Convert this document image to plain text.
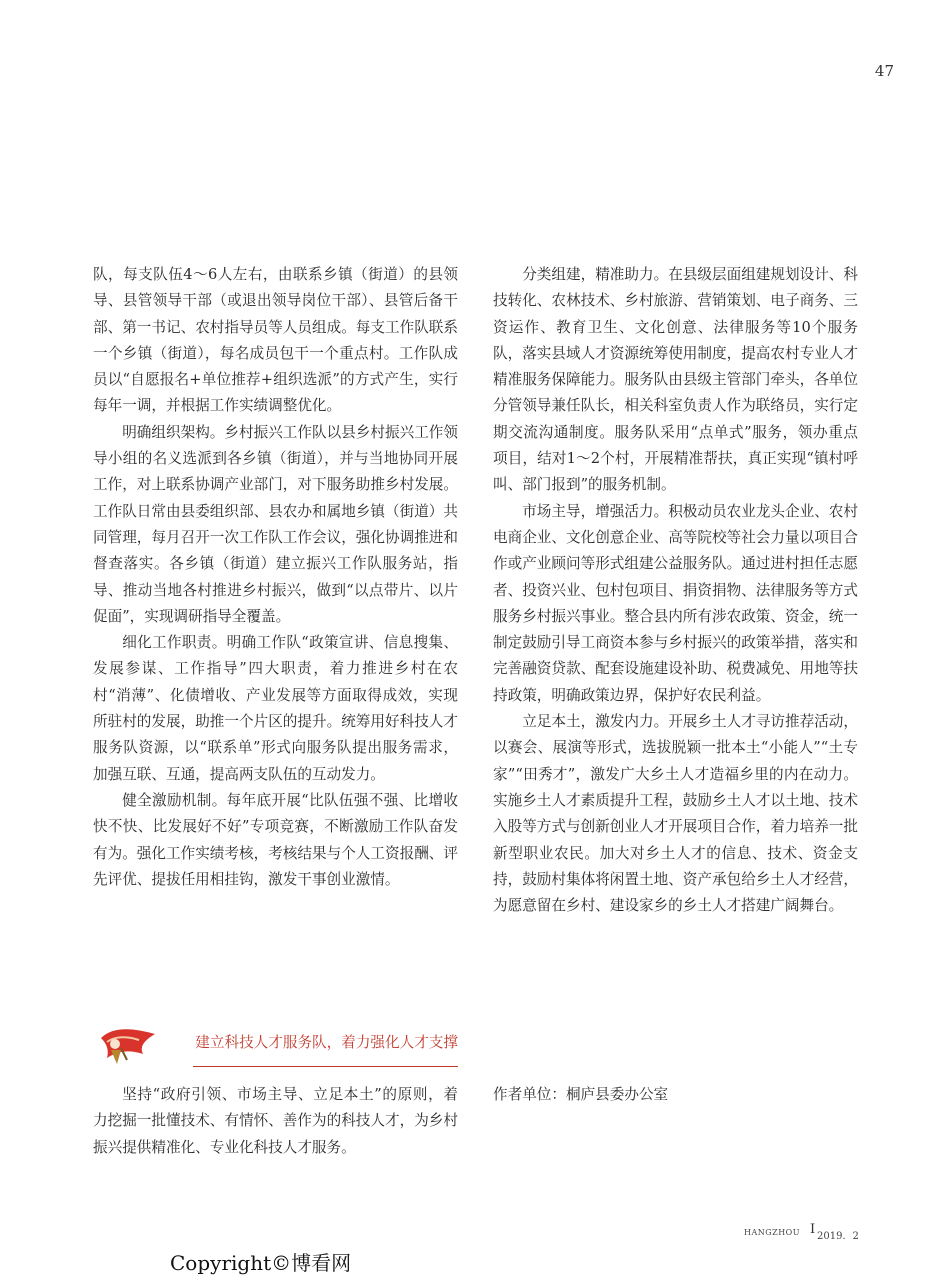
47

队，每支队伍4～6人左右，由联系乡镇（街道）的县领导、县管领导干部（或退出领导岗位干部）、县管后备干部、第一书记、农村指导员等人员组成。每支工作队联系一个乡镇（街道），每名成员包干一个重点村。工作队成员以“自愿报名+单位推荐+组织选派”的方式产生，实行每年一调，并根据工作实绩调整优化。

明确组织架构。乡村振兴工作队以县乡村振兴工作领导小组的名义选派到各乡镇（街道），并与当地协同开展工作，对上联系协调产业部门，对下服务助推乡村发展。工作队日常由县委组织部、县农办和属地乡镇（街道）共同管理，每月召开一次工作队工作会议，强化协调推进和督查落实。各乡镇（街道）建立振兴工作队服务站，指导、推动当地各村推进乡村振兴，做到“以点带片、以片促面”，实现调研指导全覆盖。

细化工作职责。明确工作队“政策宣讲、信息搜集、发展参谋、工作指导”四大职责，着力推进乡村在农村“消薄”、化债增收、产业发展等方面取得成效，实现所驻村的发展，助推一个片区的提升。统筹用好科技人才服务队资源，以“联系单”形式向服务队提出服务需求，加强互联、互通，提高两支队伍的互动发力。

健全激励机制。每年底开展“比队伍强不强、比增收快不快、比发展好不好”专项竞赛，不断激励工作队奋发有为。强化工作实绩考核，考核结果与个人工资报酬、评先评优、提拔任用相挂钩，激发干事创业激情。

建立科技人才服务队，着力强化人才支撑

坚持“政府引领、市场主导、立足本土”的原则，着力挖掘一批懂技术、有情怀、善作为的科技人才，为乡村振兴提供精准化、专业化科技人才服务。

分类组建，精准助力。在县级层面组建规划设计、科技转化、农林技术、乡村旅游、营销策划、电子商务、三资运作、教育卫生、文化创意、法律服务等10个服务队，落实县域人才资源统筹使用制度，提高农村专业人才精准服务保障能力。服务队由县级主管部门牵头，各单位分管领导兼任队长，相关科室负责人作为联络员，实行定期交流沟通制度。服务队采用“点单式”服务，领办重点项目，结对1～2个村，开展精准帮扶，真正实现“镇村呼叫、部门报到”的服务机制。

市场主导，增强活力。积极动员农业龙头企业、农村电商企业、文化创意企业、高等院校等社会力量以项目合作或产业顾问等形式组建公益服务队。通过进村担任志愿者、投资兴业、包村包项目、捐资捐物、法律服务等方式服务乡村振兴事业。整合县内所有涉农政策、资金，统一制定鼓励引导工商资本参与乡村振兴的政策举措，落实和完善融资贷款、配套设施建设补助、税费减免、用地等扶持政策，明确政策边界，保护好农民利益。

立足本土，激发内力。开展乡土人才寻访推荐活动，以赛会、展演等形式，选拔脱颖一批本土“小能人”“土专家”“田秀才”，激发广大乡土人才造福乡里的内在动力。实施乡土人才素质提升工程，鼓励乡土人才以土地、技术入股等方式与创新创业人才开展项目合作，着力培养一批新型职业农民。加大对乡土人才的信息、技术、资金支持，鼓励村集体将闲置土地、资产承包给乡土人才经营，为愿意留在乡村、建设家乡的乡土人才搭建广阔舞台。

作者单位：桐庐县委办公室
HANGZHOU I 2019．2
Copyright©博看网
